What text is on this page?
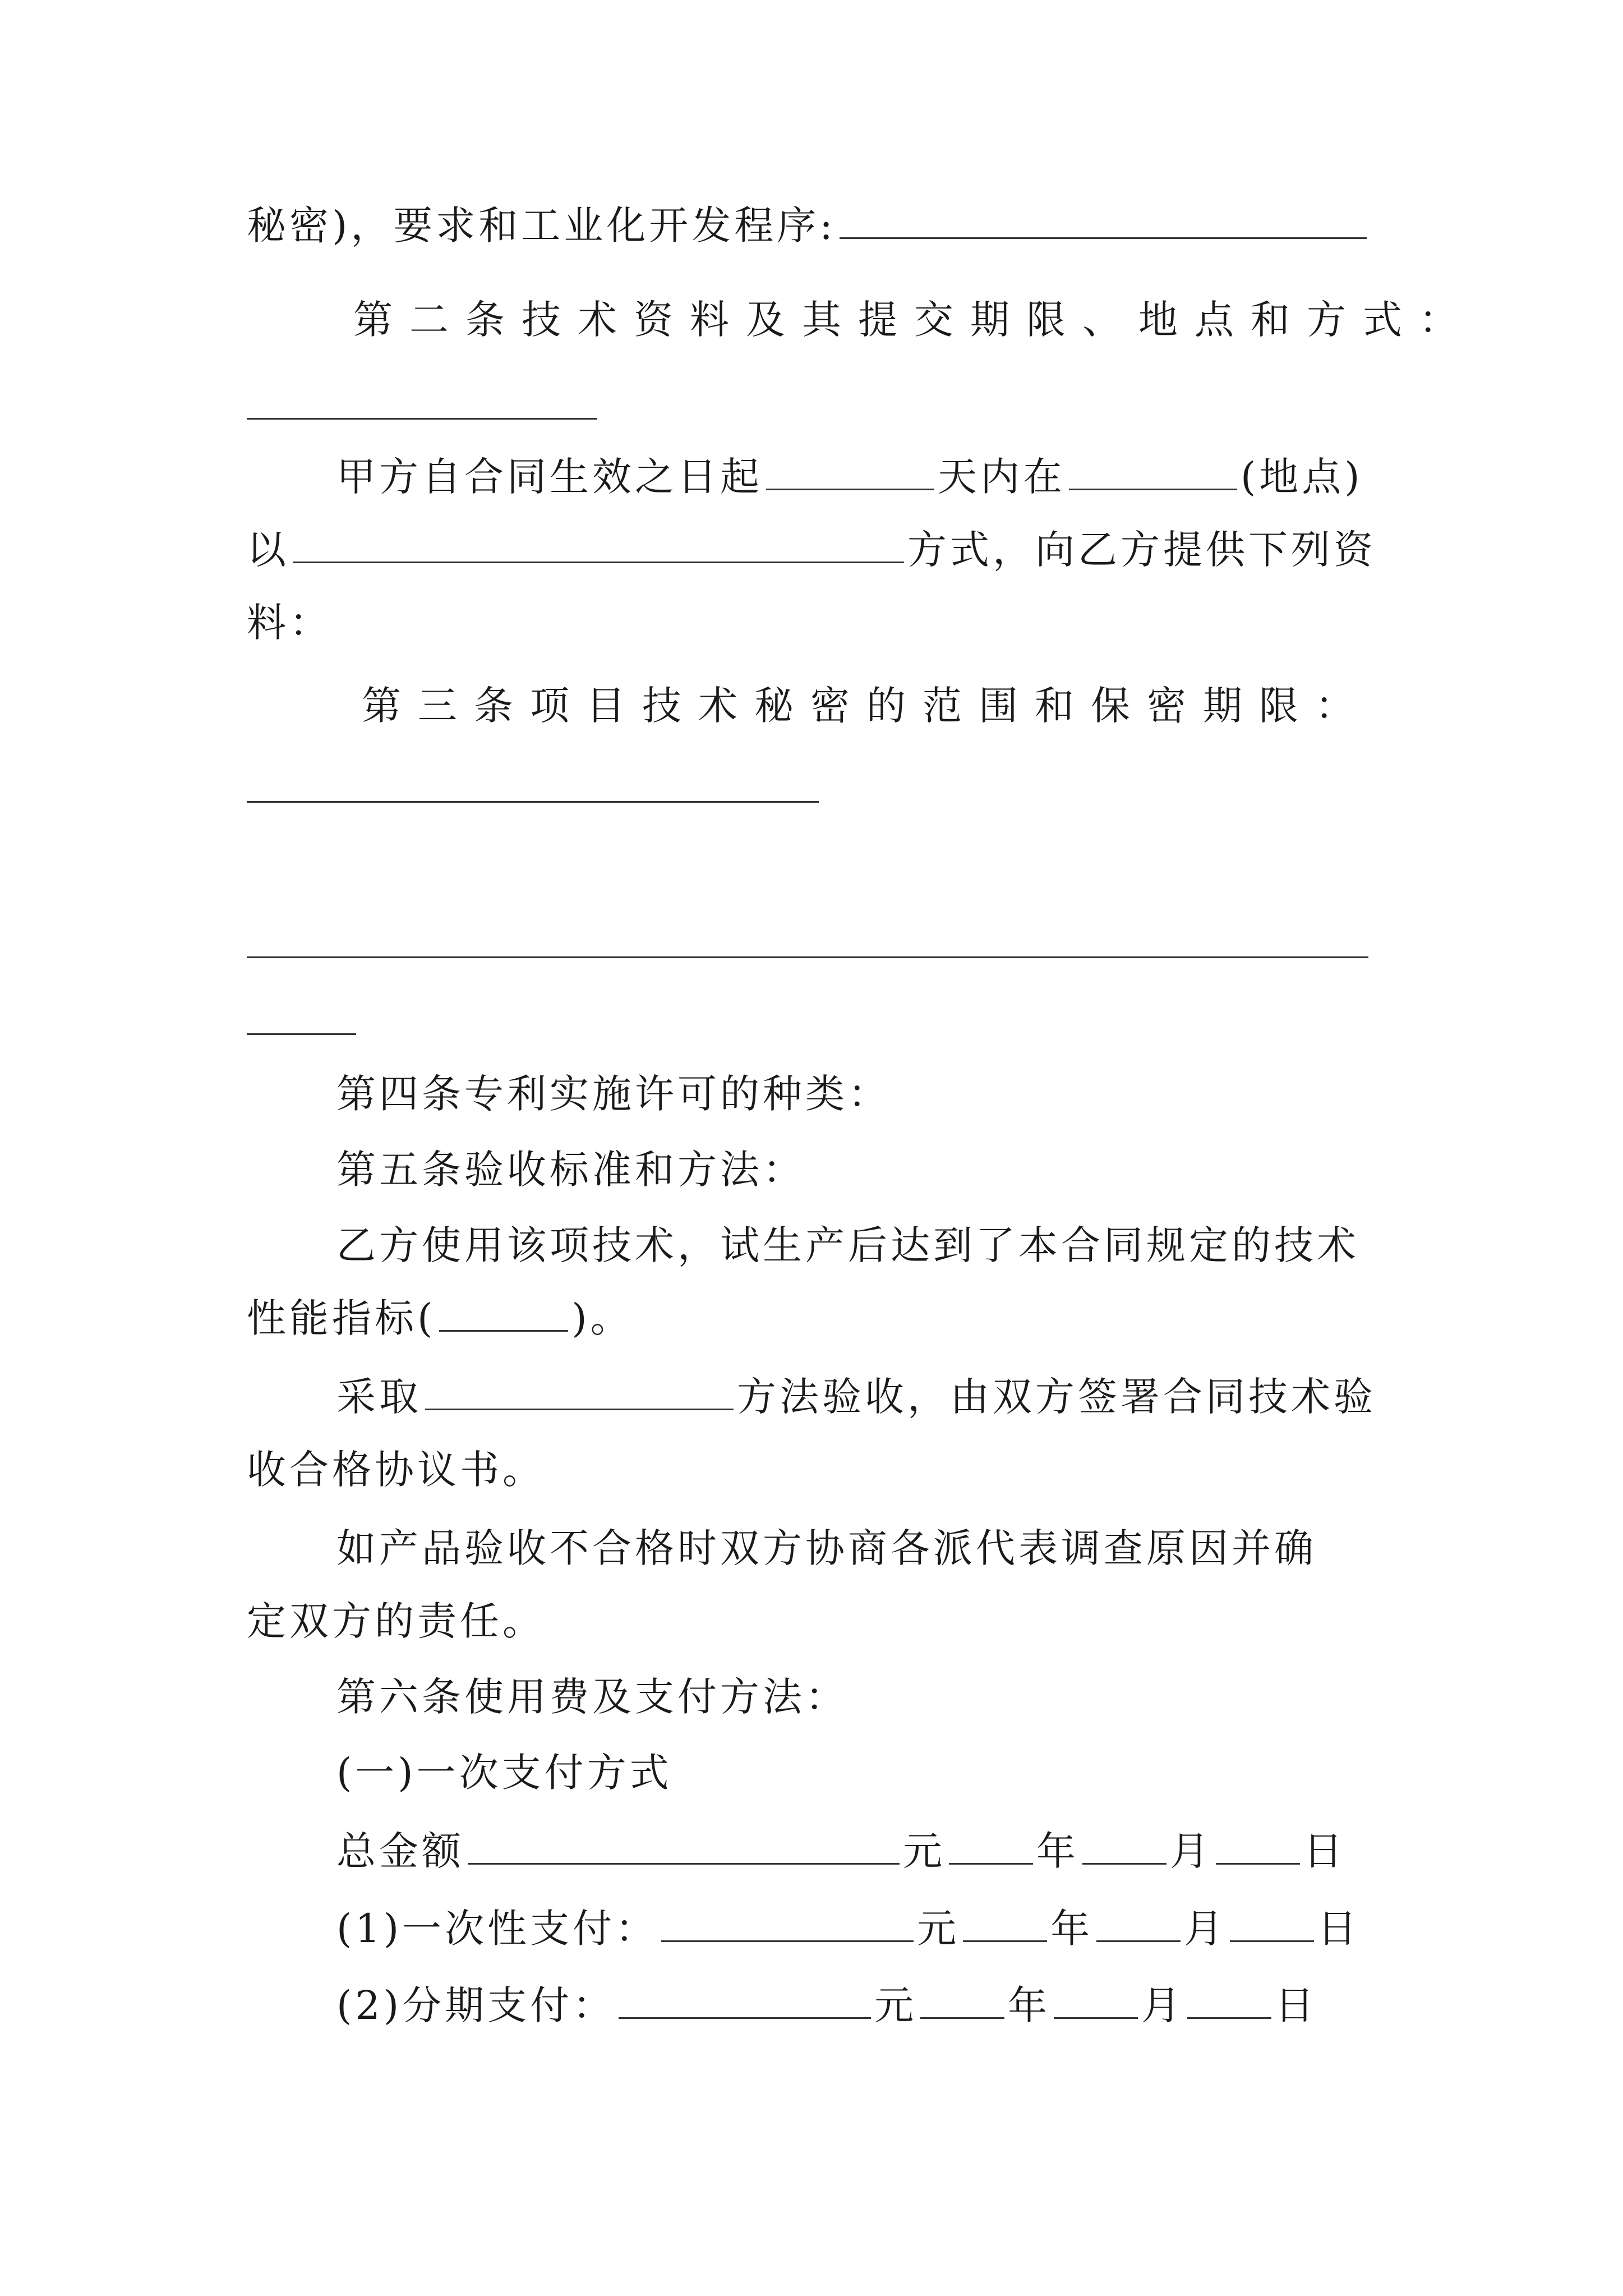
秘密)，要求和工业化开发程序:
第二条技术资料及其提交期限、地点和方式：
甲方自合同生效之日起	天内在	(地点)
以	方式，向乙方提供下列资
料：
第三条项目技术秘密的范围和保密期限：
第四条专利实施许可的种类：
第五条验收标准和方法：
乙方使用该项技术，试生产后达到了本合同规定的技术
性能指标(	)。
采取	方法验收，由双方签署合同技术验
收合格协议书。
如产品验收不合格时双方协商各派代表调查原因并确
定双方的责任。
第六条使用费及支付方法：
(一)一次支付方式
总金额	元 年 月 日
(1)一次性支付：	元 年 月 日
(2)分期支付：	元 年 月 日
